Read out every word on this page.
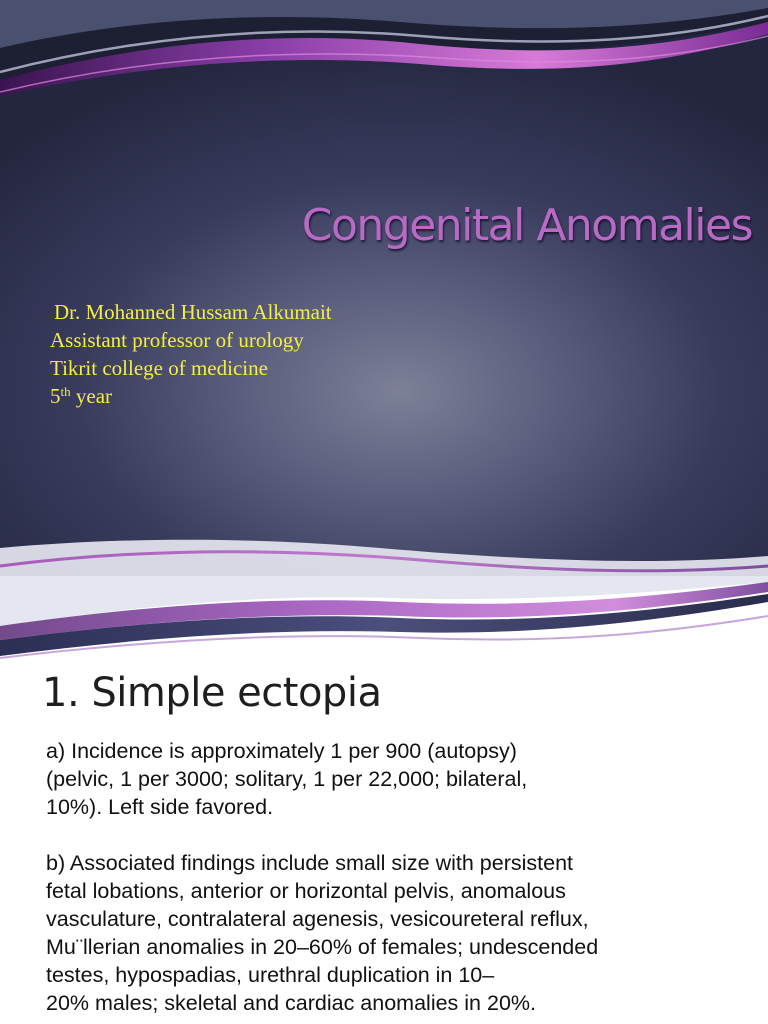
Congenital Anomalies
Dr. Mohanned Hussam Alkumait
Assistant professor of urology
Tikrit college of medicine
5th year
1. Simple ectopia
a) Incidence is approximately 1 per 900 (autopsy)
(pelvic, 1 per 3000; solitary, 1 per 22,000; bilateral,
10%). Left side favored.
b) Associated findings include small size with persistent
fetal lobations, anterior or horizontal pelvis, anomalous
vasculature, contralateral agenesis, vesicoureteral reflux,
Mu¨llerian anomalies in 20–60% of females; undescended
testes, hypospadias, urethral duplication in 10–
20% males; skeletal and cardiac anomalies in 20%.
